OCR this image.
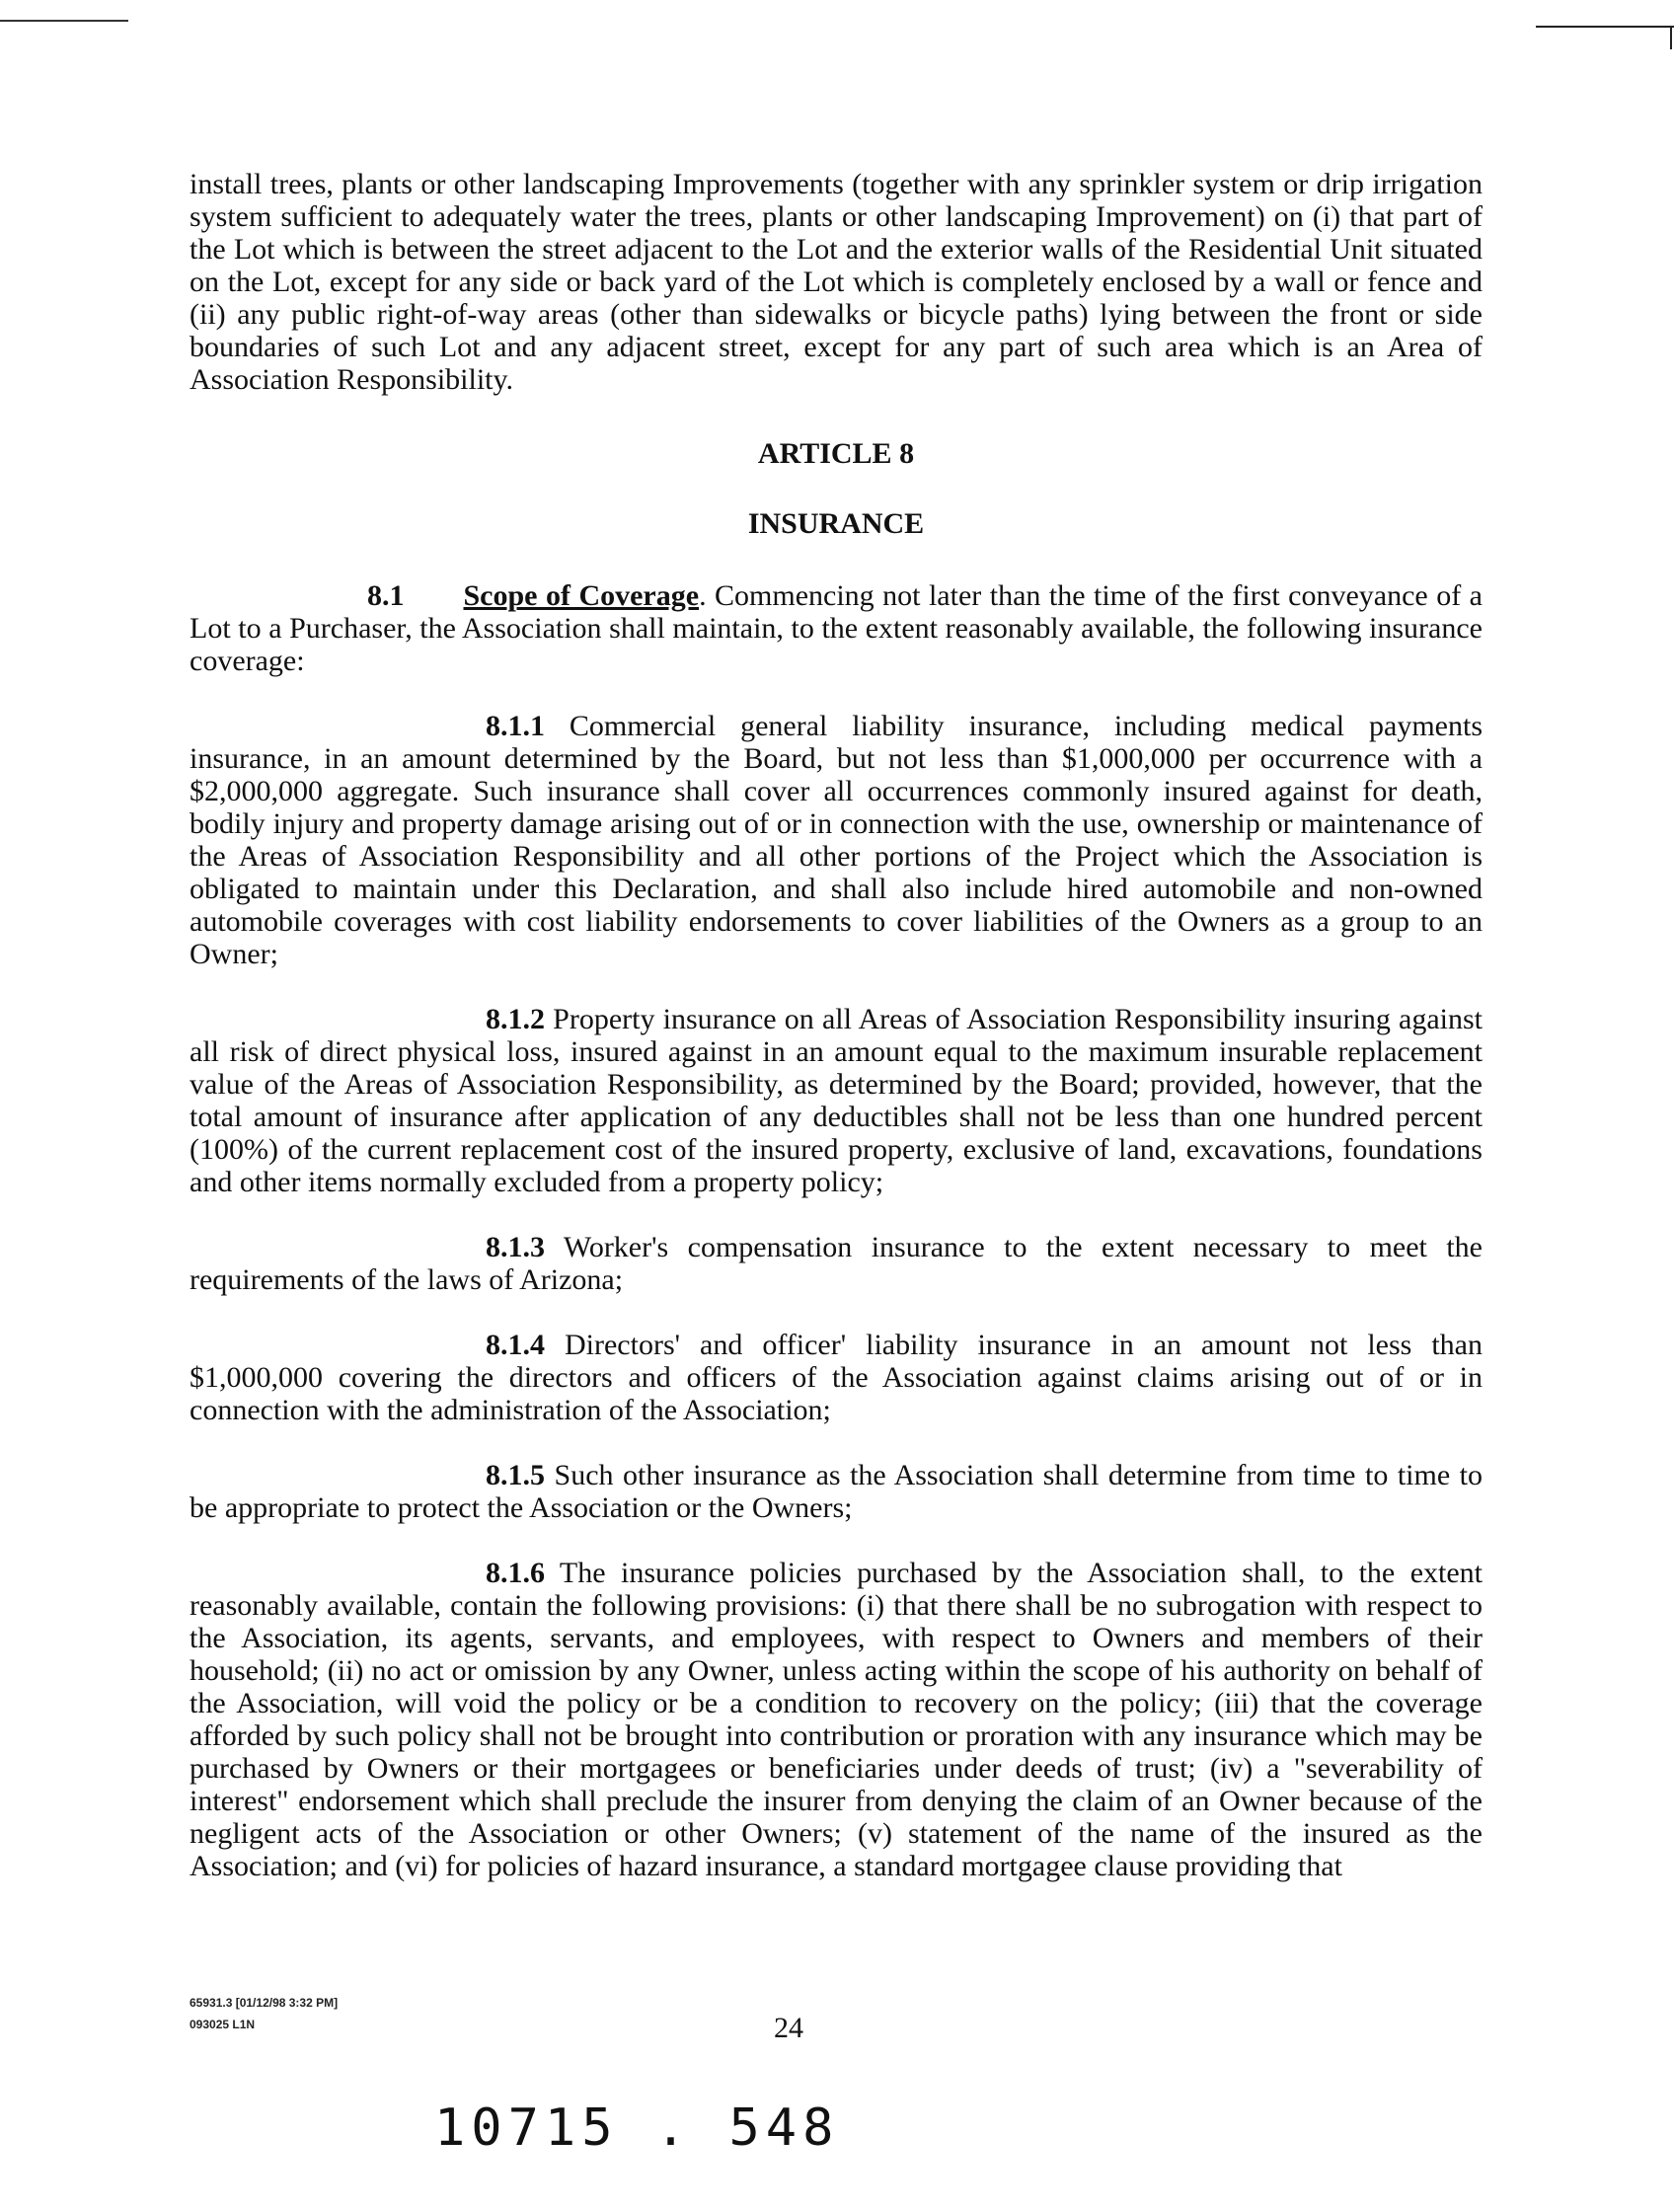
install trees, plants or other landscaping Improvements (together with any sprinkler system or drip irrigation system sufficient to adequately water the trees, plants or other landscaping Improvement) on (i) that part of the Lot which is between the street adjacent to the Lot and the exterior walls of the Residential Unit situated on the Lot, except for any side or back yard of the Lot which is completely enclosed by a wall or fence and (ii) any public right-of-way areas (other than sidewalks or bicycle paths) lying between the front or side boundaries of such Lot and any adjacent street, except for any part of such area which is an Area of Association Responsibility.

ARTICLE 8
INSURANCE

8.1 Scope of Coverage. Commencing not later than the time of the first conveyance of a Lot to a Purchaser, the Association shall maintain, to the extent reasonably available, the following insurance coverage:

8.1.1 Commercial general liability insurance, including medical payments insurance, in an amount determined by the Board, but not less than $1,000,000 per occurrence with a $2,000,000 aggregate. Such insurance shall cover all occurrences commonly insured against for death, bodily injury and property damage arising out of or in connection with the use, ownership or maintenance of the Areas of Association Responsibility and all other portions of the Project which the Association is obligated to maintain under this Declaration, and shall also include hired automobile and non-owned automobile coverages with cost liability endorsements to cover liabilities of the Owners as a group to an Owner;

8.1.2 Property insurance on all Areas of Association Responsibility insuring against all risk of direct physical loss, insured against in an amount equal to the maximum insurable replacement value of the Areas of Association Responsibility, as determined by the Board; provided, however, that the total amount of insurance after application of any deductibles shall not be less than one hundred percent (100%) of the current replacement cost of the insured property, exclusive of land, excavations, foundations and other items normally excluded from a property policy;

8.1.3 Worker's compensation insurance to the extent necessary to meet the requirements of the laws of Arizona;

8.1.4 Directors' and officer' liability insurance in an amount not less than $1,000,000 covering the directors and officers of the Association against claims arising out of or in connection with the administration of the Association;

8.1.5 Such other insurance as the Association shall determine from time to time to be appropriate to protect the Association or the Owners;

8.1.6 The insurance policies purchased by the Association shall, to the extent reasonably available, contain the following provisions: (i) that there shall be no subrogation with respect to the Association, its agents, servants, and employees, with respect to Owners and members of their household; (ii) no act or omission by any Owner, unless acting within the scope of his authority on behalf of the Association, will void the policy or be a condition to recovery on the policy; (iii) that the coverage afforded by such policy shall not be brought into contribution or proration with any insurance which may be purchased by Owners or their mortgagees or beneficiaries under deeds of trust; (iv) a "severability of interest" endorsement which shall preclude the insurer from denying the claim of an Owner because of the negligent acts of the Association or other Owners; (v) statement of the name of the insured as the Association; and (vi) for policies of hazard insurance, a standard mortgagee clause providing that

65931.3 [01/12/98 3:32 PM]
093025 L1N	24
10715 . 548
